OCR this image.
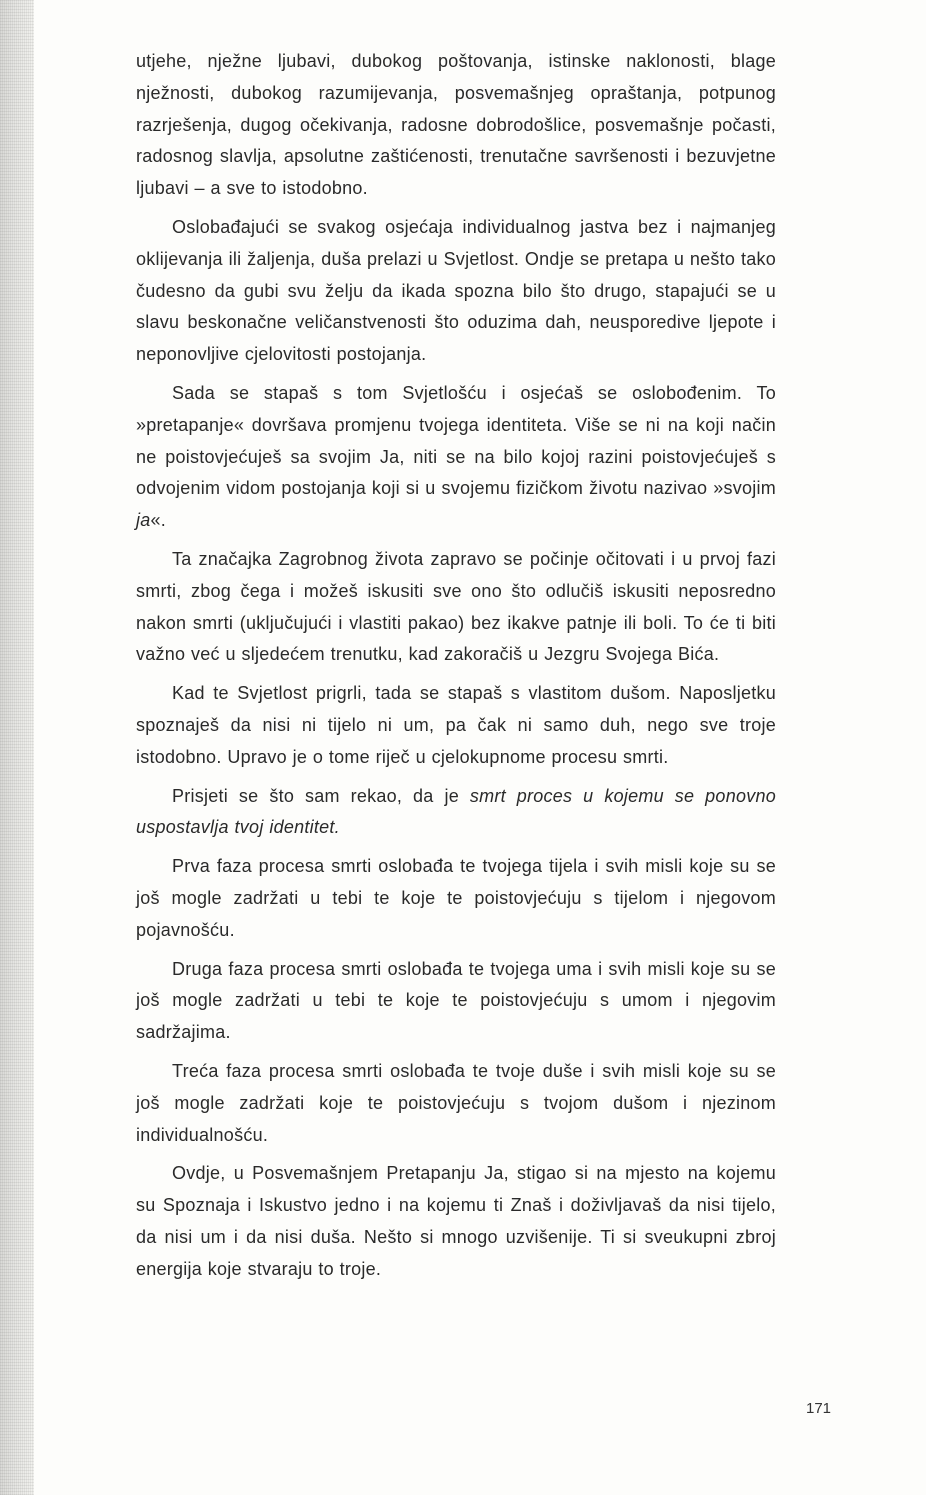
utjehe, nježne ljubavi, dubokog poštovanja, istinske naklonosti, blage nježnosti, dubokog razumijevanja, posvemašnjeg opraštanja, potpunog razrješenja, dugog očekivanja, radosne dobrodošlice, posvemašnje počasti, radosnog slavlja, apsolutne zaštićenosti, trenutačne savršenosti i bezuvjetne ljubavi – a sve to istodobno.

Oslobađajući se svakog osjećaja individualnog jastva bez i najmanjeg oklijevanja ili žaljenja, duša prelazi u Svjetlost. Ondje se pretapa u nešto tako čudesno da gubi svu želju da ikada spozna bilo što drugo, stapajući se u slavu beskonačne veličanstvenosti što oduzima dah, neusporedive ljepote i neponovljive cjelovitosti postojanja.

Sada se stapaš s tom Svjetlošću i osjećaš se oslobođenim. To »pretapanje« dovršava promjenu tvojega identiteta. Više se ni na koji način ne poistovjećuješ sa svojim Ja, niti se na bilo kojoj razini poistovjećuješ s odvojenim vidom postojanja koji si u svojemu fizičkom životu nazivao »svojim ja«.

Ta značajka Zagrobnog života zapravo se počinje očitovati i u prvoj fazi smrti, zbog čega i možeš iskusiti sve ono što odlučiš iskusiti neposredno nakon smrti (uključujući i vlastiti pakao) bez ikakve patnje ili boli. To će ti biti važno već u sljedećem trenutku, kad zakoračiš u Jezgru Svojega Bića.

Kad te Svjetlost prigrli, tada se stapaš s vlastitom dušom. Naposljetku spoznaješ da nisi ni tijelo ni um, pa čak ni samo duh, nego sve troje istodobno. Upravo je o tome riječ u cjelokupnome procesu smrti.

Prisjeti se što sam rekao, da je smrt proces u kojemu se ponovno uspostavlja tvoj identitet.

Prva faza procesa smrti oslobađa te tvojega tijela i svih misli koje su se još mogle zadržati u tebi te koje te poistovjećuju s tijelom i njegovom pojavnošću.

Druga faza procesa smrti oslobađa te tvojega uma i svih misli koje su se još mogle zadržati u tebi te koje te poistovjećuju s umom i njegovim sadržajima.

Treća faza procesa smrti oslobađa te tvoje duše i svih misli koje su se još mogle zadržati koje te poistovjećuju s tvojom dušom i njezinom individualnošću.

Ovdje, u Posvemašnjem Pretapanju Ja, stigao si na mjesto na kojemu su Spoznaja i Iskustvo jedno i na kojemu ti Znaš i doživljavaš da nisi tijelo, da nisi um i da nisi duša. Nešto si mnogo uzvišenije. Ti si sveukupni zbroj energija koje stvaraju to troje.

171
